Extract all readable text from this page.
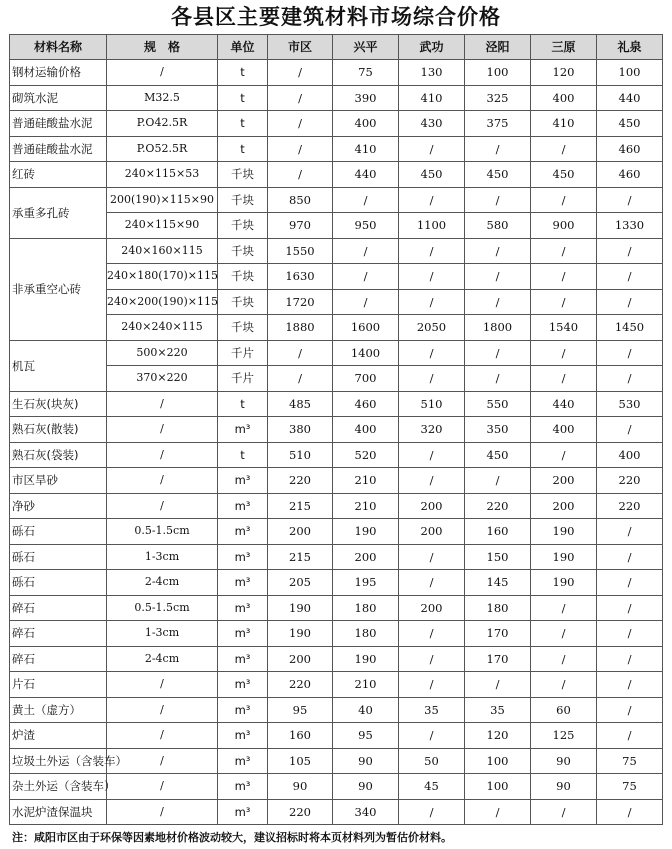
各县区主要建筑材料市场综合价格
材料名称	规　格	单位	市区	兴平	武功	泾阳	三原	礼泉
钢材运输价格	/	t	/	75	130	100	120	100
砌筑水泥	M32.5	t	/	390	410	325	400	440
普通硅酸盐水泥	P.O42.5R	t	/	400	430	375	410	450
普通硅酸盐水泥	P.O52.5R	t	/	410	/	/	/	460
红砖	240×115×53	千块	/	440	450	450	450	460
承重多孔砖	200(190)×115×90	千块	850	/	/	/	/	/
	240×115×90	千块	970	950	1100	580	900	1330
非承重空心砖	240×160×115	千块	1550	/	/	/	/	/
	240×180(170)×115	千块	1630	/	/	/	/	/
	240×200(190)×115	千块	1720	/	/	/	/	/
	240×240×115	千块	1880	1600	2050	1800	1540	1450
机瓦	500×220	千片	/	1400	/	/	/	/
	370×220	千片	/	700	/	/	/	/
生石灰(块灰)	/	t	485	460	510	550	440	530
熟石灰(散装)	/	m³	380	400	320	350	400	/
熟石灰(袋装)	/	t	510	520	/	450	/	400
市区旱砂	/	m³	220	210	/	/	200	220
净砂	/	m³	215	210	200	220	200	220
砾石	0.5-1.5cm	m³	200	190	200	160	190	/
砾石	1-3cm	m³	215	200	/	150	190	/
砾石	2-4cm	m³	205	195	/	145	190	/
碎石	0.5-1.5cm	m³	190	180	200	180	/	/
碎石	1-3cm	m³	190	180	/	170	/	/
碎石	2-4cm	m³	200	190	/	170	/	/
片石	/	m³	220	210	/	/	/	/
黄土（虚方）	/	m³	95	40	35	35	60	/
炉渣	/	m³	160	95	/	120	125	/
垃圾土外运（含装车）	/	m³	105	90	50	100	90	75
杂土外运（含装车）	/	m³	90	90	45	100	90	75
水泥炉渣保温块	/	m³	220	340	/	/	/	/
注：咸阳市区由于环保等因素地材价格波动较大，建议招标时将本页材料列为暂估价材料。
